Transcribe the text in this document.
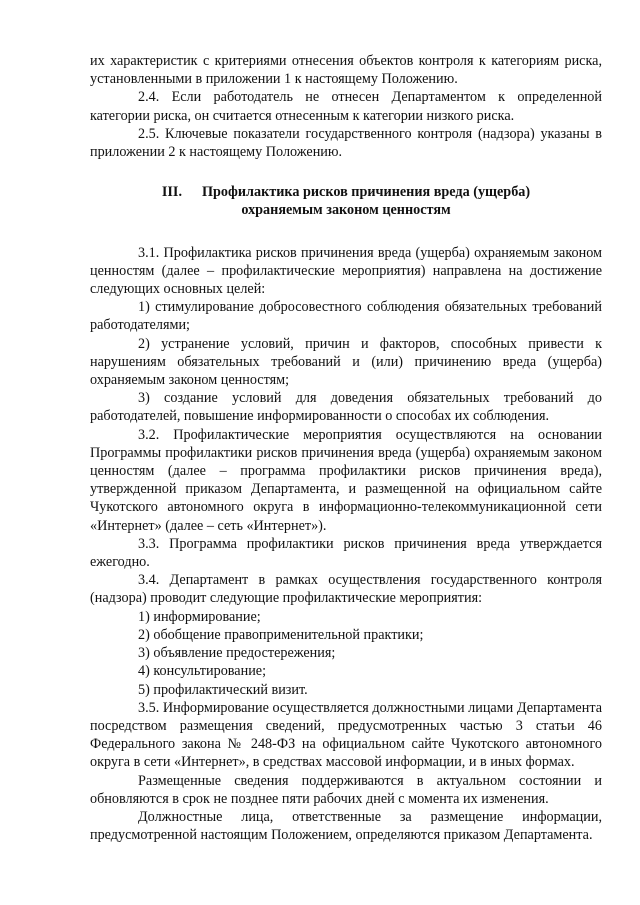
их характеристик с критериями отнесения объектов контроля к категориям риска, установленными в приложении 1 к настоящему Положению.

2.4. Если работодатель не отнесен Департаментом к определенной категории риска, он считается отнесенным к категории низкого риска.

2.5. Ключевые показатели государственного контроля (надзора) указаны в приложении 2 к настоящему Положению.

III. Профилактика рисков причинения вреда (ущерба)
охраняемым законом ценностям

3.1. Профилактика рисков причинения вреда (ущерба) охраняемым законом ценностям (далее – профилактические мероприятия) направлена на достижение следующих основных целей:

1) стимулирование добросовестного соблюдения обязательных требований работодателями;

2) устранение условий, причин и факторов, способных привести к нарушениям обязательных требований и (или) причинению вреда (ущерба) охраняемым законом ценностям;

3) создание условий для доведения обязательных требований до работодателей, повышение информированности о способах их соблюдения.

3.2. Профилактические мероприятия осуществляются на основании Программы профилактики рисков причинения вреда (ущерба) охраняемым законом ценностям (далее – программа профилактики рисков причинения вреда), утвержденной приказом Департамента, и размещенной на официальном сайте Чукотского автономного округа в информационно-телекоммуникационной сети «Интернет» (далее – сеть «Интернет»).

3.3. Программа профилактики рисков причинения вреда утверждается ежегодно.

3.4. Департамент в рамках осуществления государственного контроля (надзора) проводит следующие профилактические мероприятия:

1) информирование;

2) обобщение правоприменительной практики;

3) объявление предостережения;

4) консультирование;

5) профилактический визит.

3.5. Информирование осуществляется должностными лицами Департамента посредством размещения сведений, предусмотренных частью 3 статьи 46 Федерального закона № 248-ФЗ на официальном сайте Чукотского автономного округа в сети «Интернет», в средствах массовой информации, и в иных формах.

Размещенные сведения поддерживаются в актуальном состоянии и обновляются в срок не позднее пяти рабочих дней с момента их изменения.

Должностные лица, ответственные за размещение информации, предусмотренной настоящим Положением, определяются приказом Департамента.
